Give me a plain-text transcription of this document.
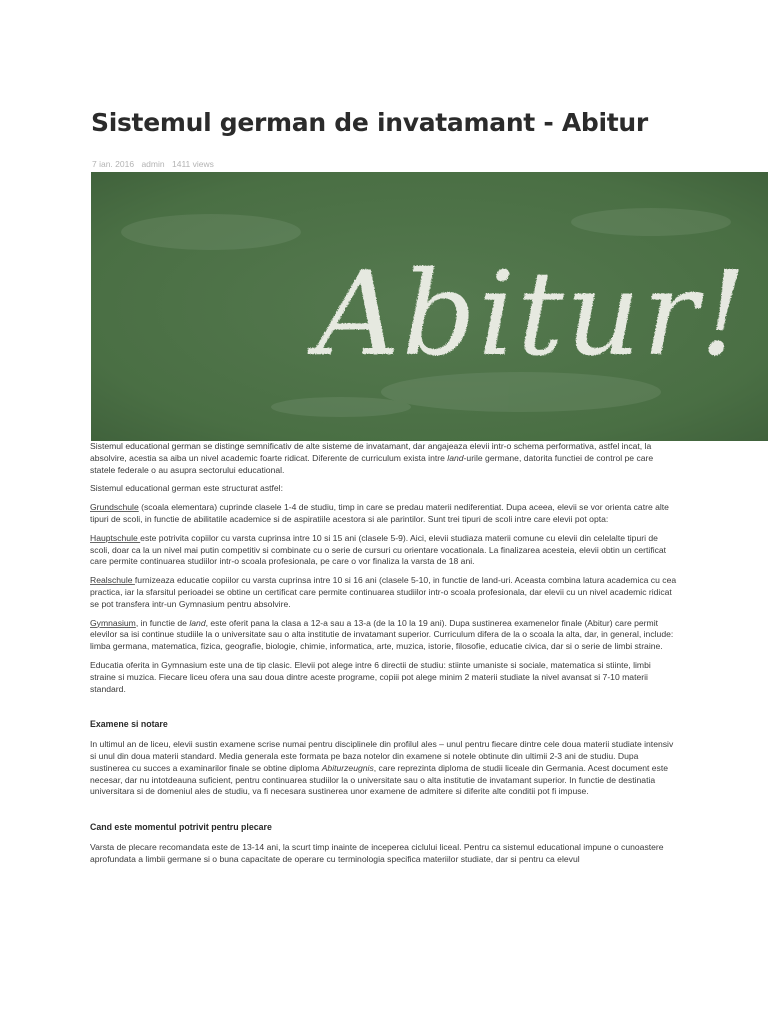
Sistemul german de invatamant - Abitur
7 ian. 2016 admin 1411 views
Abitur!

Sistemul educational german se distinge semnificativ de alte sisteme de invatamant, dar angajeaza elevii intr-o schema performativa, astfel incat, la absolvire, acestia sa aiba un nivel academic foarte ridicat. Diferente de curriculum exista intre land-urile germane, datorita functiei de control pe care statele federale o au asupra sectorului educational.

Sistemul educational german este structurat astfel:

Grundschule (scoala elementara) cuprinde clasele 1-4 de studiu, timp in care se predau materii nediferentiat. Dupa aceea, elevii se vor orienta catre alte tipuri de scoli, in functie de abilitatile academice si de aspiratiile acestora si ale parintilor. Sunt trei tipuri de scoli intre care elevii pot opta:

Hauptschule este potrivita copiilor cu varsta cuprinsa intre 10 si 15 ani (clasele 5-9). Aici, elevii studiaza materii comune cu elevii din celelalte tipuri de scoli, doar ca la un nivel mai putin competitiv si combinate cu o serie de cursuri cu orientare vocationala. La finalizarea acesteia, elevii obtin un certificat care permite continuarea studiilor intr-o scoala profesionala, pe care o vor finaliza la varsta de 18 ani.

Realschule furnizeaza educatie copiilor cu varsta cuprinsa intre 10 si 16 ani (clasele 5-10, in functie de land-uri. Aceasta combina latura academica cu cea practica, iar la sfarsitul perioadei se obtine un certificat care permite continuarea studiilor intr-o scoala profesionala, dar elevii cu un nivel academic ridicat se pot transfera intr-un Gymnasium pentru absolvire.

Gymnasium, in functie de land, este oferit pana la clasa a 12-a sau a 13-a (de la 10 la 19 ani). Dupa sustinerea examenelor finale (Abitur) care permit elevilor sa isi continue studiile la o universitate sau o alta institutie de invatamant superior. Curriculum difera de la o scoala la alta, dar, in general, include: limba germana, matematica, fizica, geografie, biologie, chimie, informatica, arte, muzica, istorie, filosofie, educatie civica, dar si o serie de limbi straine.

Educatia oferita in Gymnasium este una de tip clasic. Elevii pot alege intre 6 directii de studiu: stiinte umaniste si sociale, matematica si stiinte, limbi straine si muzica. Fiecare liceu ofera una sau doua dintre aceste programe, copiii pot alege minim 2 materii studiate la nivel avansat si 7-10 materii standard.

Examene si notare

In ultimul an de liceu, elevii sustin examene scrise numai pentru disciplinele din profilul ales – unul pentru fiecare dintre cele doua materii studiate intensiv si unul din doua materii standard. Media generala este formata pe baza notelor din examene si notele obtinute din ultimii 2-3 ani de studiu. Dupa sustinerea cu succes a examinarilor finale se obtine diploma Abiturzeugnis, care reprezinta diploma de studii liceale din Germania. Acest document este necesar, dar nu intotdeauna suficient, pentru continuarea studiilor la o universitate sau o alta institutie de invatamant superior. In functie de destinatia universitara si de domeniul ales de studiu, va fi necesara sustinerea unor examene de admitere si diferite alte conditii pot fi impuse.

Cand este momentul potrivit pentru plecare

Varsta de plecare recomandata este de 13-14 ani, la scurt timp inainte de inceperea ciclului liceal. Pentru ca sistemul educational impune o cunoastere aprofundata a limbii germane si o buna capacitate de operare cu terminologia specifica materiilor studiate, dar si pentru ca elevul
